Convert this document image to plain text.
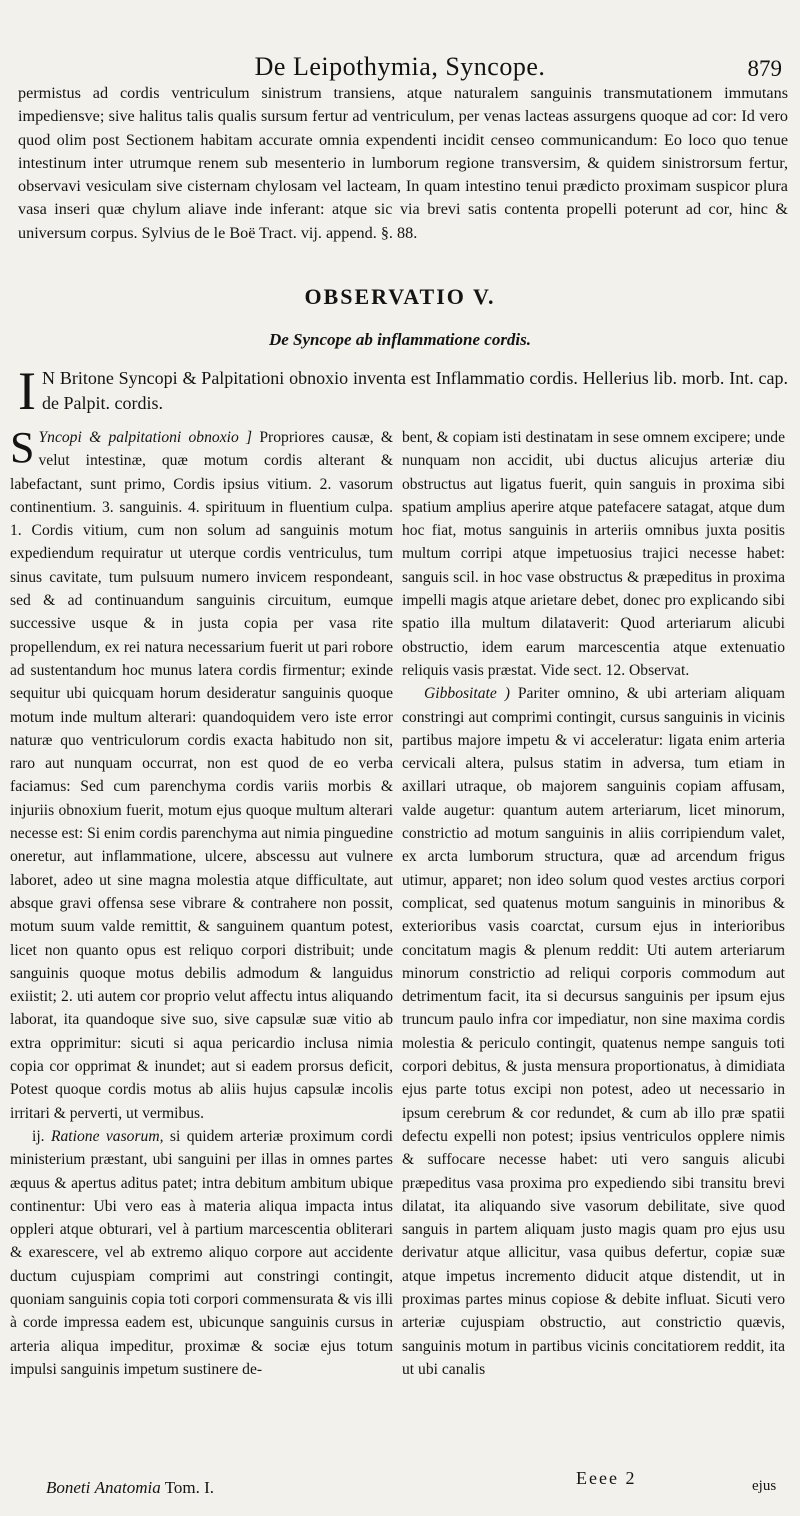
De Leipothymia, Syncope.	879

permistus ad cordis ventriculum sinistrum transiens, atque naturalem sanguinis transmutationem immutans impediensve; sive halitus talis qualis sursum fertur ad ventriculum, per venas lacteas assurgens quoque ad cor: Id vero quod olim post Sectionem habitam accurate omnia expendenti incidit censeo communicandum: Eo loco quo tenue intestinum inter utrumque renem sub mesenterio in lumborum regione transversim, & quidem sinistrorsum fertur, observavi vesiculam sive cisternam chylosam vel lacteam, In quam intestino tenui prædicto proximam suspicor plura vasa inseri quæ chylum aliave inde inferant: atque sic via brevi satis contenta propelli poterunt ad cor, hinc & universum corpus. Sylvius de le Boë Tract. vij. append. §. 88.

OBSERVATIO V.
De Syncope ab inflammatione cordis.

I N Britone Syncopi & Palpitationi obnoxio inventa est Inflammatio cordis. Hellerius lib. morb. Int. cap. de Palpit. cordis.

S Yncopi & palpitationi obnoxio ] Propriores causæ, & velut intestinæ, quæ motum cordis alterant & labefactant, sunt primo, Cordis ipsius vitium. 2. vasorum continentium. 3. sanguinis. 4. spirituum in fluentium culpa. 1. Cordis vitium, cum non solum ad sanguinis motum expediendum requiratur ut uterque cordis ventriculus, tum sinus cavitate, tum pulsuum numero invicem respondeant, sed & ad continuandum sanguinis circuitum, eumque successive usque & in justa copia per vasa rite propellendum, ex rei natura necessarium fuerit ut pari robore ad sustentandum hoc munus latera cordis firmentur; exinde sequitur ubi quicquam horum desideratur sanguinis quoque motum inde multum alterari: quandoquidem vero iste error naturæ quo ventriculorum cordis exacta habitudo non sit, raro aut nunquam occurrat, non est quod de eo verba faciamus: Sed cum parenchyma cordis variis morbis & injuriis obnoxium fuerit, motum ejus quoque multum alterari necesse est: Si enim cordis parenchyma aut nimia pinguedine oneretur, aut inflammatione, ulcere, abscessu aut vulnere laboret, adeo ut sine magna molestia atque difficultate, aut absque gravi offensa sese vibrare & contrahere non possit, motum suum valde remittit, & sanguinem quantum potest, licet non quanto opus est reliquo corpori distribuit; unde sanguinis quoque motus debilis admodum & languidus exiistit; 2. uti autem cor proprio velut affectu intus aliquando laborat, ita quandoque sive suo, sive capsulæ suæ vitio ab extra opprimitur: sicuti si aqua pericardio inclusa nimia copia cor opprimat & inundet; aut si eadem prorsus deficit, Potest quoque cordis motus ab aliis hujus capsulæ incolis irritari & perverti, ut vermibus.

ij. Ratione vasorum, si quidem arteriæ proximum cordi ministerium præstant, ubi sanguini per illas in omnes partes æquus & apertus aditus patet; intra debitum ambitum ubique continentur: Ubi vero eas à materia aliqua impacta intus oppleri atque obturari, vel à partium marcescentia obliterari & exarescere, vel ab extremo aliquo corpore aut accidente ductum cujuspiam comprimi aut constringi contingit, quoniam sanguinis copia toti corpori commensurata & vis illi à corde impressa eadem est, ubicunque sanguinis cursus in arteria aliqua impeditur, proximæ & sociæ ejus totum impulsi sanguinis impetum sustinere de-

bent, & copiam isti destinatam in sese omnem excipere; unde nunquam non accidit, ubi ductus alicujus arteriæ diu obstructus aut ligatus fuerit, quin sanguis in proxima sibi spatium amplius aperire atque patefacere satagat, atque dum hoc fiat, motus sanguinis in arteriis omnibus juxta positis multum corripi atque impetuosius trajici necesse habet: sanguis scil. in hoc vase obstructus & præpeditus in proxima impelli magis atque arietare debet, donec pro explicando sibi spatio illa multum dilataverit: Quod arteriarum alicubi obstructio, idem earum marcescentia atque extenuatio reliquis vasis præstat. Vide sect. 12. Observat.

Gibbositate ) Pariter omnino, & ubi arteriam aliquam constringi aut comprimi contingit, cursus sanguinis in vicinis partibus majore impetu & vi acceleratur: ligata enim arteria cervicali altera, pulsus statim in adversa, tum etiam in axillari utraque, ob majorem sanguinis copiam affusam, valde augetur: quantum autem arteriarum, licet minorum, constrictio ad motum sanguinis in aliis corripiendum valet, ex arcta lumborum structura, quæ ad arcendum frigus utimur, apparet; non ideo solum quod vestes arctius corpori complicat, sed quatenus motum sanguinis in minoribus & exterioribus vasis coarctat, cursum ejus in interioribus concitatum magis & plenum reddit: Uti autem arteriarum minorum constrictio ad reliqui corporis commodum aut detrimentum facit, ita si decursus sanguinis per ipsum ejus truncum paulo infra cor impediatur, non sine maxima cordis molestia & periculo contingit, quatenus nempe sanguis toti corpori debitus, & justa mensura proportionatus, à dimidiata ejus parte totus excipi non potest, adeo ut necessario in ipsum cerebrum & cor redundet, & cum ab illo præ spatii defectu expelli non potest; ipsius ventriculos opplere nimis & suffocare necesse habet: uti vero sanguis alicubi præpeditus vasa proxima pro expediendo sibi transitu brevi dilatat, ita aliquando sive vasorum debilitate, sive quod sanguis in partem aliquam justo magis quam pro ejus usu derivatur atque allicitur, vasa quibus defertur, copiæ suæ atque impetus incremento diducit atque distendit, ut in proximas partes minus copiose & debite influat. Sicuti vero arteriæ cujuspiam obstructio, aut constrictio quævis, sanguinis motum in partibus vicinis concitatiorem reddit, ita ut ubi canalis

Boneti Anatomia Tom. I.	Eeee 2	ejus
